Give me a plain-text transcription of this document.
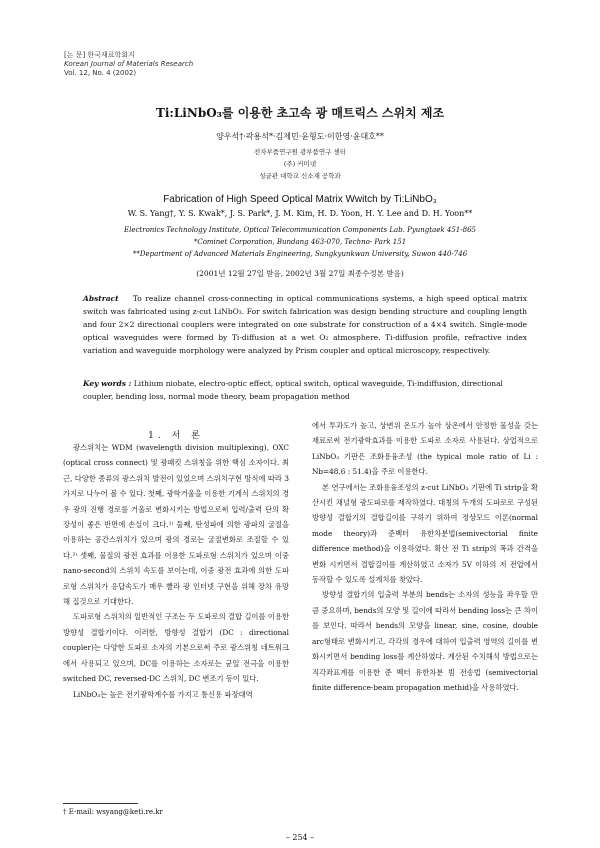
[논 문] 한국재료학회지
Korean Journal of Materials Research
Vol. 12, No. 4 (2002)
Ti:LiNbO₃를 이용한 초고속 광 매트릭스 스위치 제조
양우석†·곽용석*·김제민·윤형도·이한영·윤대호**
전자부품연구원 광부품연구 센터
(주) 커미넷
성균관 대학교 신소재 공학과
Fabrication of High Speed Optical Matrix Wwitch by Ti:LiNbO₃
W. S. Yang†, Y. S. Kwak*, J. S. Park*, J. M. Kim, H. D. Yoon, H. Y. Lee and D. H. Yoon**
Electronics Technology Institute, Optical Telecommunication Components Lab. Pyungtaek 451-865
*Cominet Corporation, Bundang 463-070, Techno- Park 151
**Department of Advanced Materials Engineering, Sungkyunkwan University, Suwon 440-746
(2001년 12월 27일 받음, 2002년 3월 27일 최종수정본 받음)
Abstract To realize channel cross-connecting in optical communications systems, a high speed optical matrix switch was fabricated using z-cut LiNbO₃. For switch fabrication was design bending structure and coupling length and four 2×2 directional couplers were integrated on one substrate for construction of a 4×4 switch. Single-mode optical waveguides were formed by Ti-diffusion at a wet O₂ atmosphere. Ti-diffusion profile, refractive index variation and waveguide morphology were analyzed by Prism coupler and optical microscopy, respectively.
Key words : Lithium niobate, electro-optic effect, optical switch, optical waveguide, Ti-indiffusion, directional coupler, bending loss, normal mode theory, beam propagation method
1. 서 론

광스위치는 WDM (wavelength division multiplexing), OXC (optical cross connect) 및 광패킷 스위칭을 위한 핵심 소자이다. 최근, 다양한 종류의 광스위치 발전이 있었으며 스위치구현 방식에 따라 3가지로 나누어 볼 수 있다. 첫째, 광학거울을 이용한 기계식 스위치의 경우 광의 진행 경로를 거울로 변화시키는 방법으로써 입력/출력 단의 확장성이 좋은 반면에 손실이 크다.¹⁾ 둘째, 탄성파에 의한 광파의 굴절을 이용하는 공간스위치가 있으며 광의 경로는 굴절변화로 조절할 수 있다.²⁾ 셋째, 물질의 광전 효과를 이용한 도파로형 스위치가 있으며 이중 nano-second의 스위치 속도를 보이는데, 이중 광전 효과에 의한 도파로형 스위치가 응답속도가 매우 빨라 광 인터넷 구현을 위해 장차 유망해 집것으로 기대한다.

도파로형 스위치의 일반적인 구조는 두 도파로의 결합 길이를 이용한 방향성 결합기이다. 이러한, 방향성 결합기 (DC : directional coupler)는 다양한 도파로 소자의 기본으로써 주로 광스위칭 네트워크에서 사용되고 있으며, DC를 이용하는 소자로는 균일 전극을 이용한 switched DC, reversed-DC 스위치, DC 변조기 등이 있다.

LiNbO₃는 높은 전기광학계수를 가지고 통신용 파장대역

에서 투과도가 높고, 상변위 온도가 높아 상온에서 안정한 물성을 갖는 재료로써 전기광학효과를 이용한 도파로 소자로 사용된다. 상업적으로 LiNbO₃ 기판은 조화용융조성 (the typical mole ratio of Li : Nb=48.6 : 51.4)을 주로 이용한다.

본 연구에서는 조화용융조성의 z-cut LiNbO₃ 기판에 Ti strip을 확산시킨 채널형 광도파로를 제작하였다. 대칭의 두개의 도파로로 구성된 방향성 결합기의 결합길이를 구하기 위하여 정상모드 이론(normal mode theory)과 준벡터 유한차분법(semivectorial finite difference method)을 이용하였다. 확산 전 Ti strip의 폭과 간격을 변화 시키면서 결합길이를 계산하였고 소자가 5V 이하의 저 전압에서 동작할 수 있도록 설계치를 찾았다.

방향성 결합기의 입출력 부분의 bends는 소자의 성능을 좌우할 만큼 중요하며, bends의 모양 및 길이에 따라서 bending loss는 큰 차이를 보인다. 따라서 bends의 모양을 linear, sine, cosine, double arc형태로 변화시키고, 각각의 경우에 대하여 입출력 영역의 길이를 변화시키면서 bending loss를 계산하였다. 계산된 수치해석 방법으로는 직각좌표계를 이용한 준 벡터 유한차분 빔 전송법 (semivectorial finite difference-beam propagation methid)을 사용하였다.

† E-mail: wsyang@keti.re.kr
– 254 –
